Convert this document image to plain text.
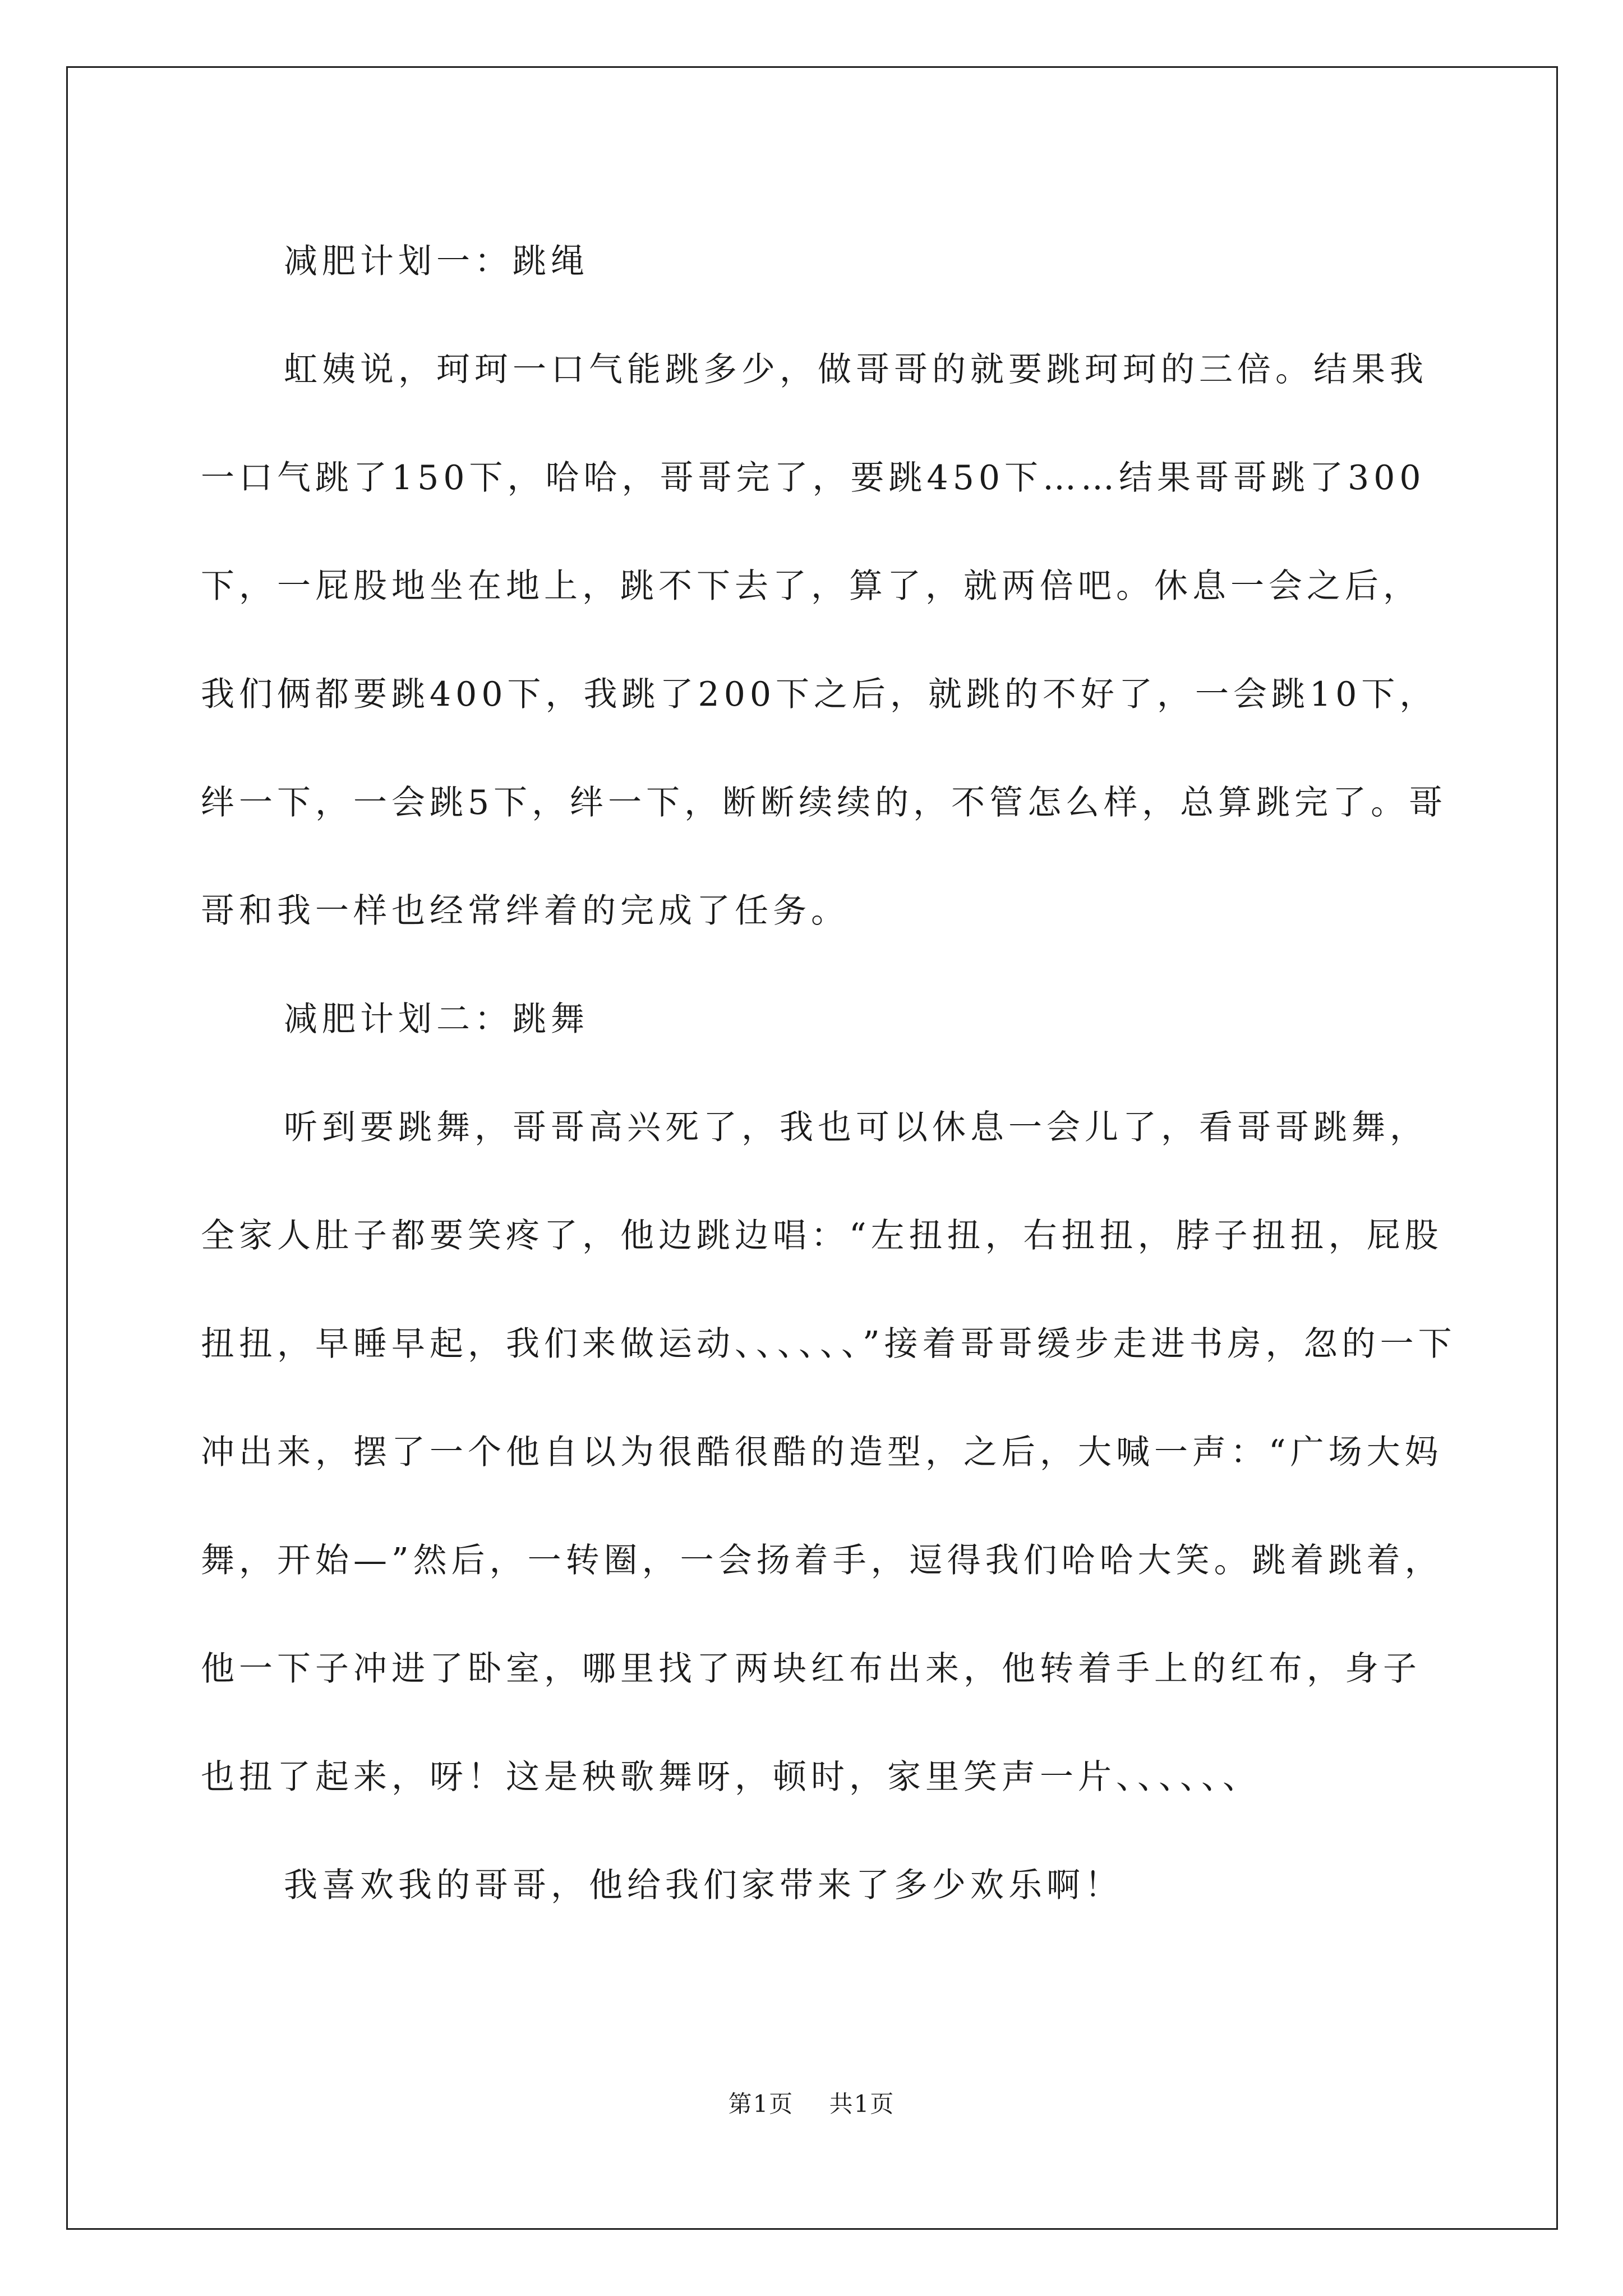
减肥计划一：跳绳

虹姨说，珂珂一口气能跳多少，做哥哥的就要跳珂珂的三倍。结果我一口气跳了150下，哈哈，哥哥完了，要跳450下……结果哥哥跳了300下，一屁股地坐在地上，跳不下去了，算了，就两倍吧。休息一会之后，我们俩都要跳400下，我跳了200下之后，就跳的不好了，一会跳10下，绊一下，一会跳5下，绊一下，断断续续的，不管怎么样，总算跳完了。哥哥和我一样也经常绊着的完成了任务。

减肥计划二：跳舞

听到要跳舞，哥哥高兴死了，我也可以休息一会儿了，看哥哥跳舞，全家人肚子都要笑疼了，他边跳边唱：“左扭扭，右扭扭，脖子扭扭，屁股扭扭，早睡早起，我们来做运动、、、、、、”接着哥哥缓步走进书房，忽的一下冲出来，摆了一个他自以为很酷很酷的造型，之后，大喊一声：“广场大妈舞，开始—”然后，一转圈，一会扬着手，逗得我们哈哈大笑。跳着跳着，他一下子冲进了卧室，哪里找了两块红布出来，他转着手上的红布，身子也扭了起来，呀！这是秧歌舞呀，顿时，家里笑声一片、、、、、、

我喜欢我的哥哥，他给我们家带来了多少欢乐啊！

第1页 共1页
